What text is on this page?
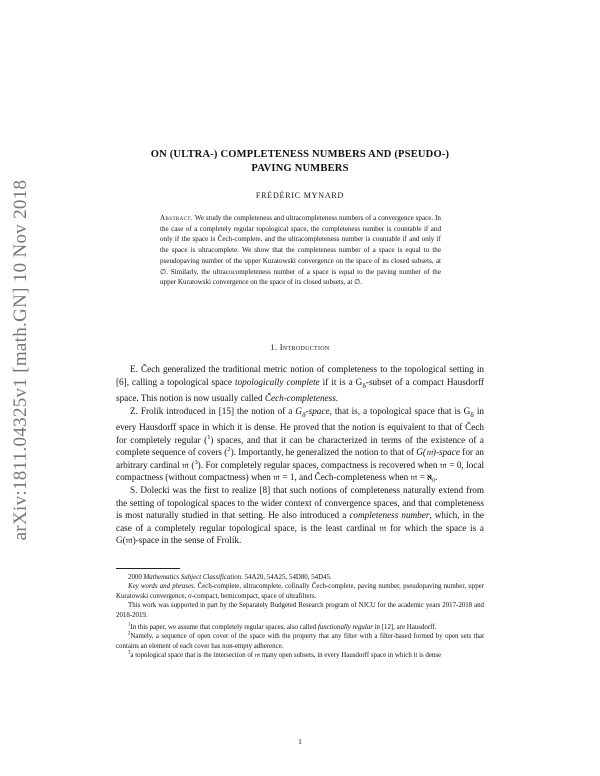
arXiv:1811.04325v1 [math.GN] 10 Nov 2018
ON (ULTRA-) COMPLETENESS NUMBERS AND (PSEUDO-)
PAVING NUMBERS
FRÉDÉRIC MYNARD
Abstract. We study the completeness and ultracompleteness numbers of a convergence space. In the case of a completely regular topological space, the completeness number is countable if and only if the space is Čech-complete, and the ultracompleteness number is countable if and only if the space is ultracomplete. We show that the completeness number of a space is equal to the pseudopaving number of the upper Kuratowski convergence on the space of its closed subsets, at ∅. Similarly, the ultracocompleteness number of a space is equal to the paving number of the upper Kuratowski convergence on the space of its closed subsets, at ∅.
1. Introduction

E. Čech generalized the traditional metric notion of completeness to the topological setting in [6], calling a topological space topologically complete if it is a $G_\delta$-subset of a compact Hausdorff space. This notion is now usually called Čech-completeness.

Z. Frolík introduced in [15] the notion of a $G_\delta$-space, that is, a topological space that is $G_\delta$ in every Hausdorff space in which it is dense. He proved that the notion is equivalent to that of Čech for completely regular ($^1$) spaces, and that it can be characterized in terms of the existence of a complete sequence of covers ($^2$). Importantly, he generalized the notion to that of G(𝔪)-space for an arbitrary cardinal 𝔪 ($^3$). For completely regular spaces, compactness is recovered when 𝔪 = 0, local compactness (without compactness) when 𝔪 = 1, and Čech-completeness when 𝔪 = ℵ₀.

S. Dolecki was the first to realize [8] that such notions of completeness naturally extend from the setting of topological spaces to the wider context of convergence spaces, and that completeness is most naturally studied in that setting. He also introduced a completeness number, which, in the case of a completely regular topological space, is the least cardinal 𝔪 for which the space is a G(𝔪)-space in the sense of Frolík.

2000 Mathematics Subject Classification. 54A20, 54A25, 54D80, 54D45.

Key words and phrases. Čech-complete, ultracomplete, cofinally Čech-complete, paving number, pseudopaving number, upper Kuratowski convergence, σ-compact, hemicompact, space of ultrafilters.

This work was supported in part by the Separately Budgeted Research program of NJCU for the academic years 2017-2018 and 2018-2019.

$^1$In this paper, we assume that completely regular spaces, also called functionally regular in [12], are Hausdorff.

$^2$Namely, a sequence of open cover of the space with the property that any filter with a filter-based formed by open sets that contains an element of each cover has non-empty adherence.

$^3$a topological space that is the intersection of 𝔪 many open subsets, in every Hausdorff space in which it is dense

1
